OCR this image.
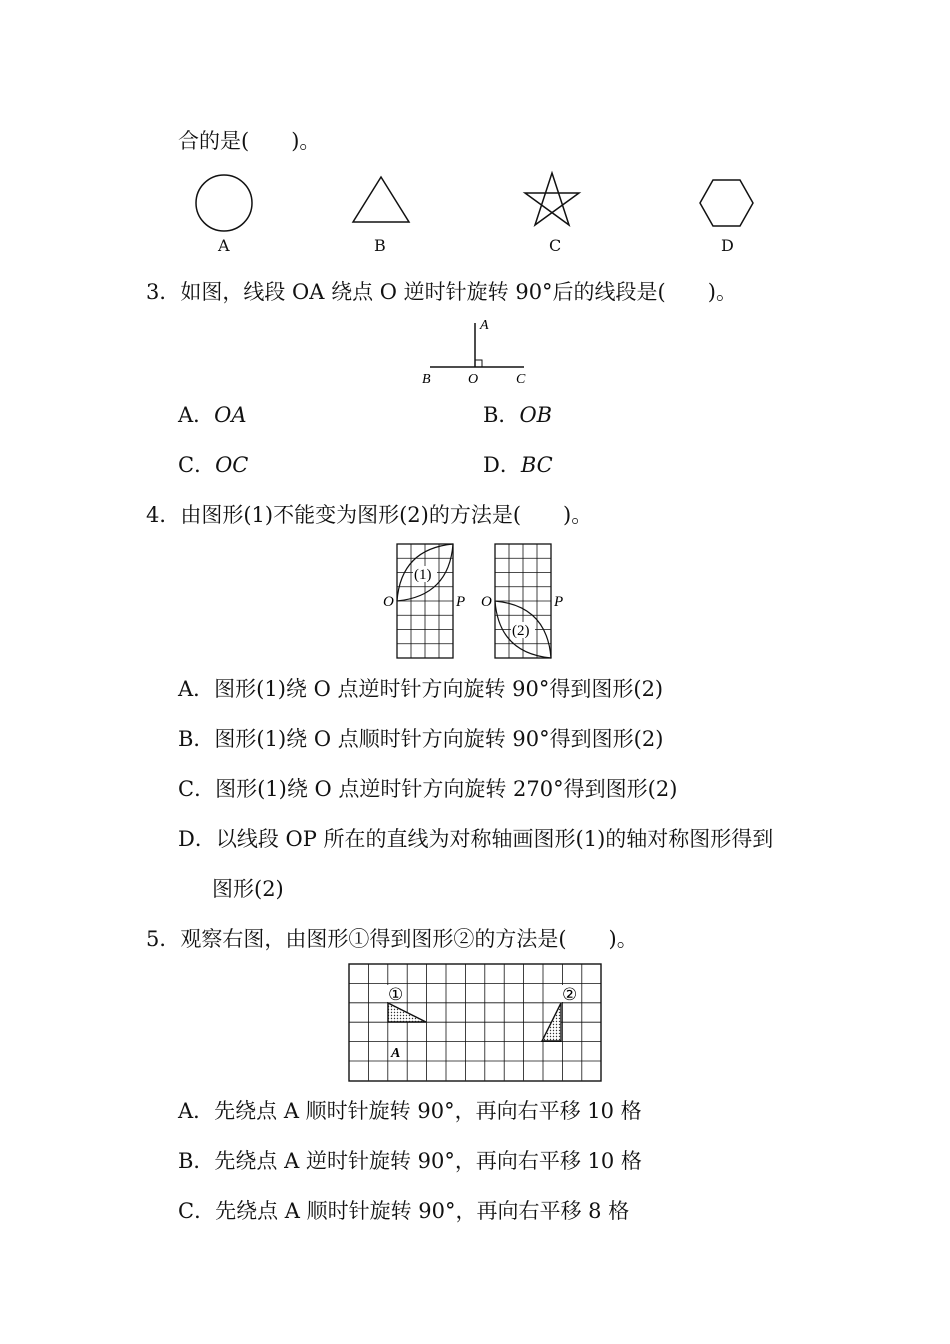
合的是(　　)。
A	B	C	D
3．如图，线段 OA 绕点 O 逆时针旋转 90°后的线段是(　　)。
A
B	O	C
A．OA	B．OB
C．OC	D．BC
4．由图形(1)不能变为图形(2)的方法是(　　)。
(1)
(2)
O	P O	P
A．图形(1)绕 O 点逆时针方向旋转 90°得到图形(2)
B．图形(1)绕 O 点顺时针方向旋转 90°得到图形(2)
C．图形(1)绕 O 点逆时针方向旋转 270°得到图形(2)
D．以线段 OP 所在的直线为对称轴画图形(1)的轴对称图形得到
图形(2)
5．观察右图，由图形①得到图形②的方法是(　　)。
①	②
A
A．先绕点 A 顺时针旋转 90°，再向右平移 10 格
B．先绕点 A 逆时针旋转 90°，再向右平移 10 格
C．先绕点 A 顺时针旋转 90°，再向右平移 8 格
